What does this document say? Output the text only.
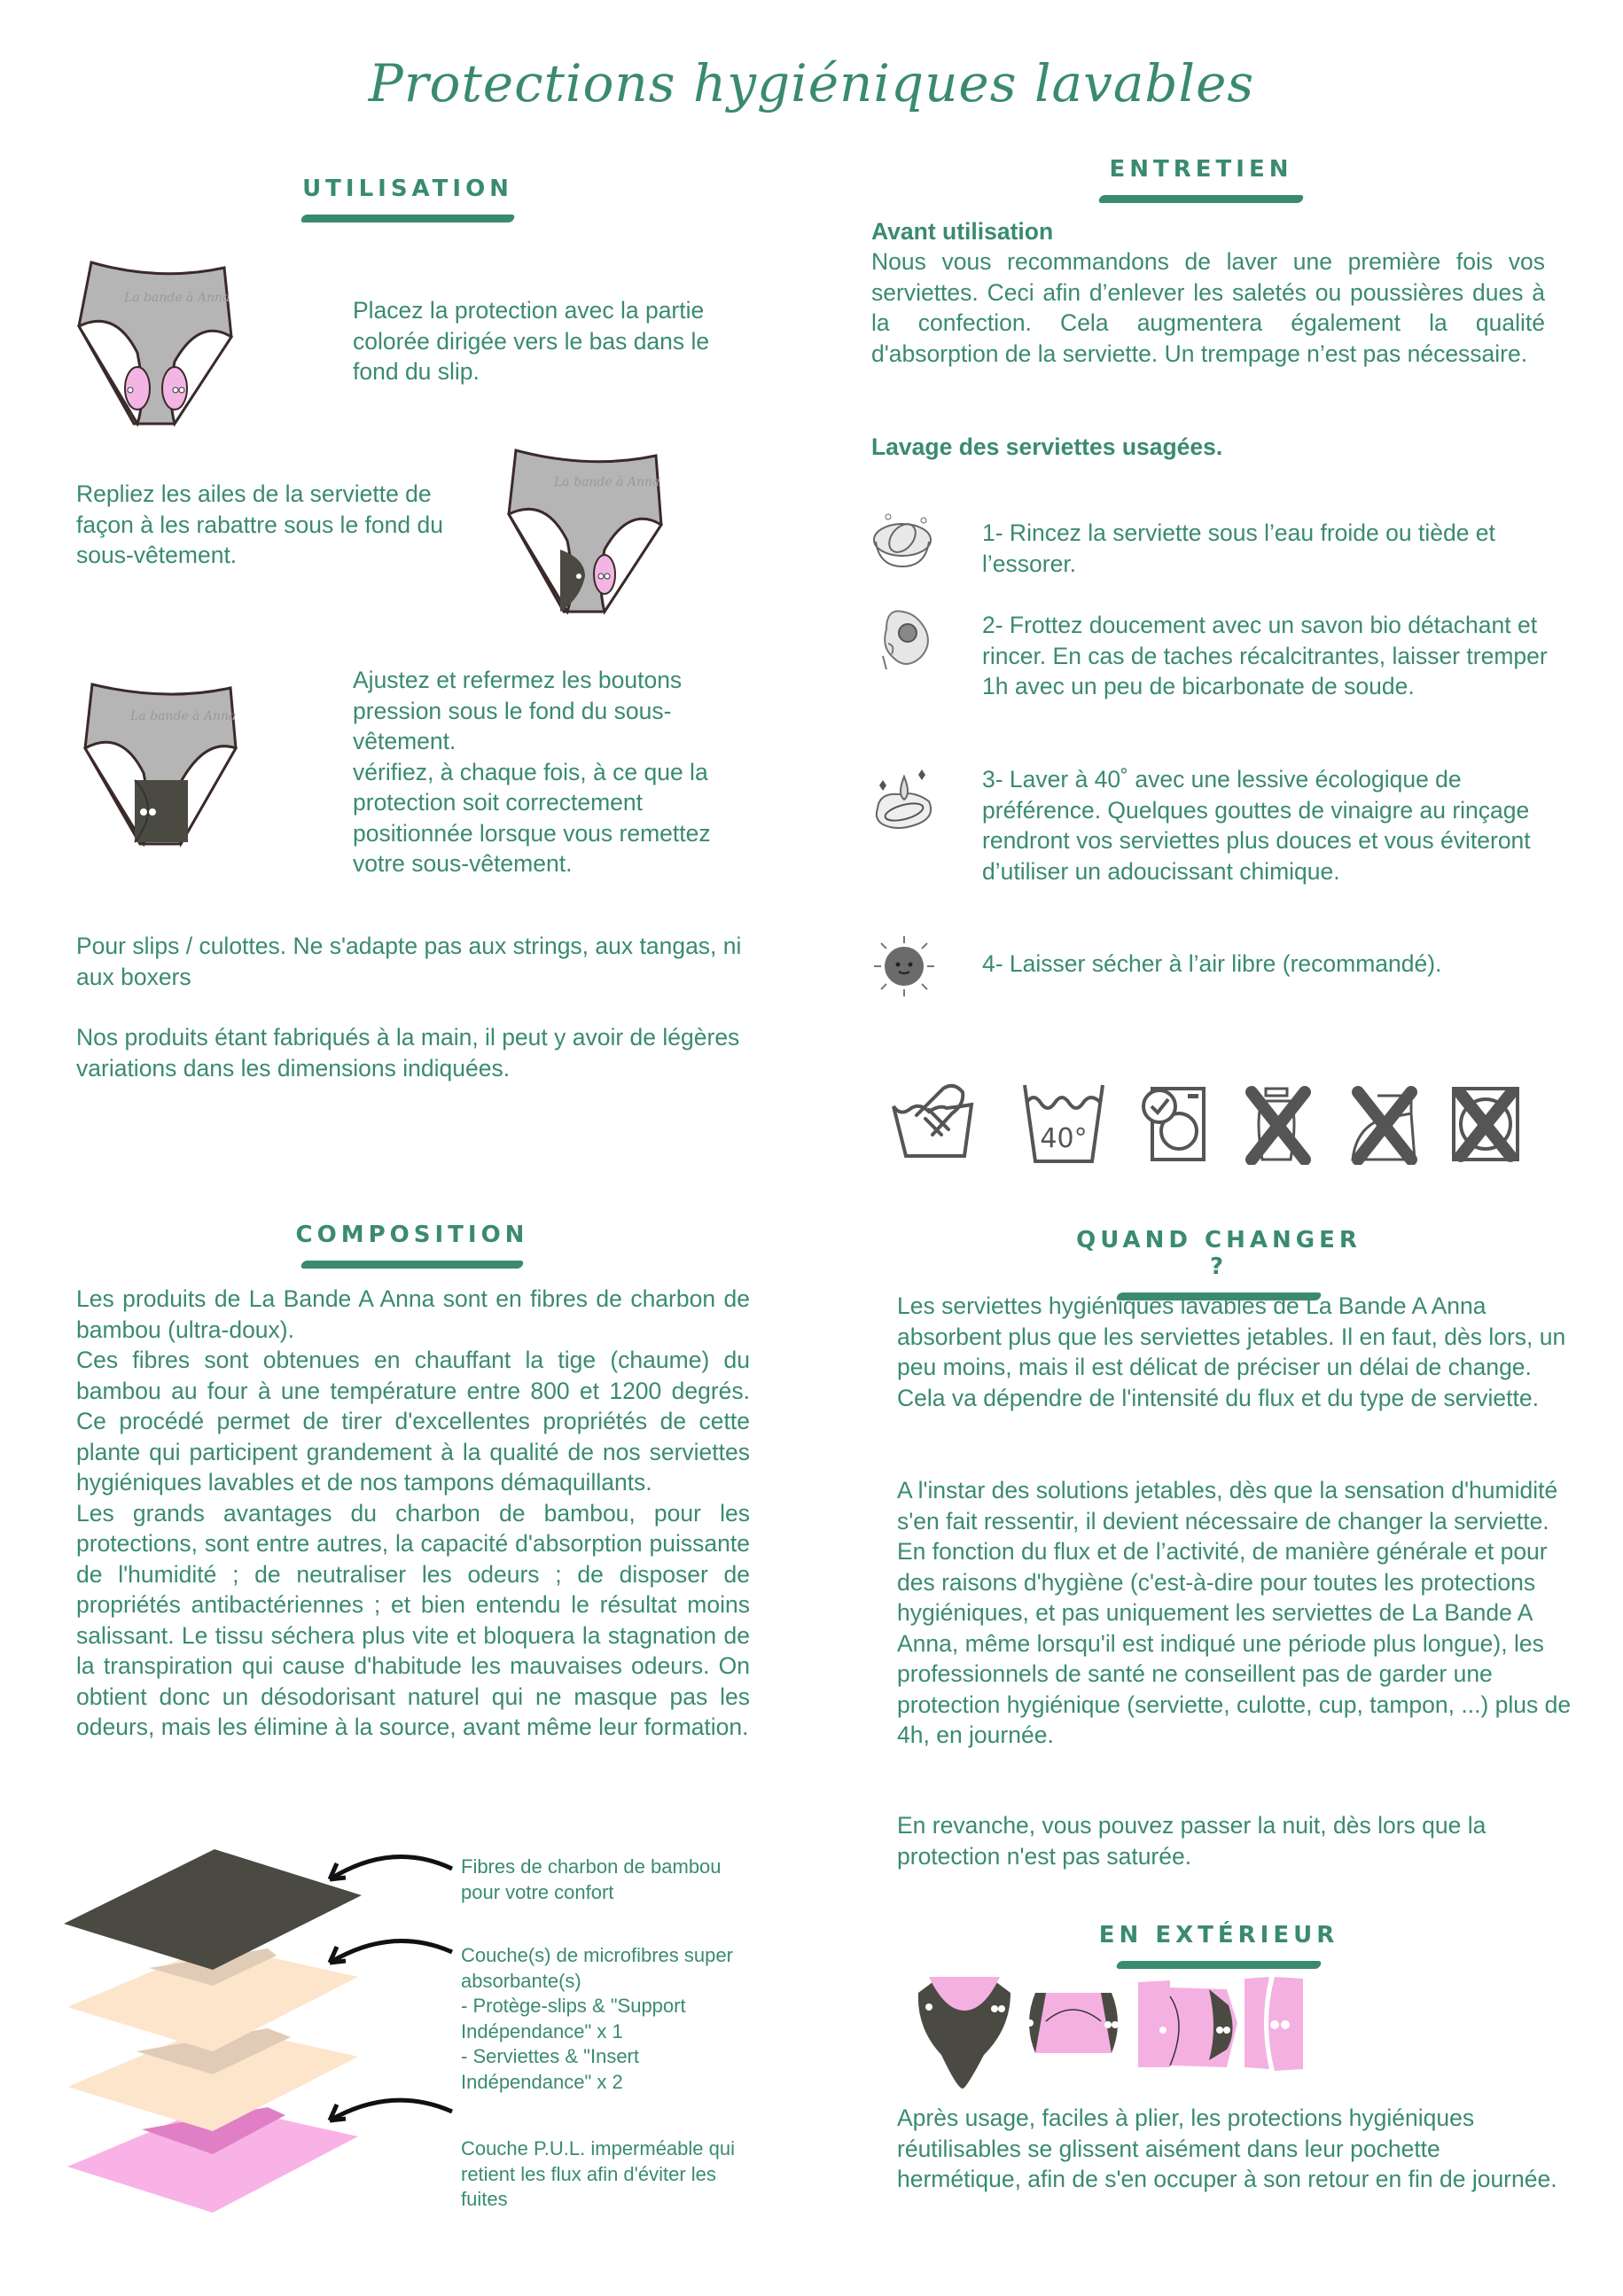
Protections hygiéniques lavables
UTILISATION
La bande à Anna	Placez la protection avec la partie colorée dirigée vers le bas dans le fond du slip.
Repliez les ailes de la serviette de façon à les rabattre sous le fond du sous-vêtement.
La bande à Anna
La bande à Anna
Ajustez et refermez les boutons pression sous le fond du sous-vêtement.
vérifiez, à chaque fois, à ce que la protection soit correctement positionnée lorsque vous remettez votre sous-vêtement.
Pour slips / culottes. Ne s'adapte pas aux strings, aux tangas, ni aux boxers
Nos produits étant fabriqués à la main, il peut y avoir de légères variations dans les dimensions indiquées.
ENTRETIEN
Avant utilisation
Nous vous recommandons de laver une première fois vos serviettes. Ceci afin d’enlever les saletés ou poussières dues à la confection. Cela augmentera également la qualité d'absorption de la serviette. Un trempage n’est pas nécessaire.
Lavage des serviettes usagées.
1- Rincez la serviette sous l’eau froide ou tiède et l’essorer.
2- Frottez doucement avec un savon bio détachant et rincer. En cas de taches récalcitrantes, laisser tremper 1h avec un peu de bicarbonate de soude.
3- Laver à 40˚ avec une lessive écologique de préférence. Quelques gouttes de vinaigre au rinçage rendront vos serviettes plus douces et vous éviteront d’utiliser un adoucissant chimique.
4- Laisser sécher à l’air libre (recommandé).
40°
COMPOSITION
Les produits de La Bande A Anna sont en fibres de charbon de bambou (ultra-doux).
Ces fibres sont obtenues en chauffant la tige (chaume) du bambou au four à une température entre 800 et 1200 degrés. Ce procédé permet de tirer d'excellentes propriétés de cette plante qui participent grandement à la qualité de nos serviettes hygiéniques lavables et de nos tampons démaquillants.
Les grands avantages du charbon de bambou, pour les protections, sont entre autres, la capacité d'absorption puissante de l'humidité ; de neutraliser les odeurs ; de disposer de propriétés antibactériennes ; et bien entendu le résultat moins salissant. Le tissu séchera plus vite et bloquera la stagnation de la transpiration qui cause d'habitude les mauvaises odeurs. On obtient donc un désodorisant naturel qui ne masque pas les odeurs, mais les élimine à la source, avant même leur formation.
Fibres de charbon de bambou pour votre confort
Couche(s) de microfibres super absorbante(s)
- Protège-slips & "Support Indépendance" x 1
- Serviettes & "Insert Indépendance" x 2
Couche P.U.L. imperméable qui retient les flux afin d'éviter les fuites
QUAND CHANGER ?
Les serviettes hygiéniques lavables de La Bande A Anna absorbent plus que les serviettes jetables. Il en faut, dès lors, un peu moins, mais il est délicat de préciser un délai de change. Cela va dépendre de l'intensité du flux et du type de serviette.
A l'instar des solutions jetables, dès que la sensation d'humidité s'en fait ressentir, il devient nécessaire de changer la serviette.
En fonction du flux et de l’activité, de manière générale et pour des raisons d'hygiène (c'est-à-dire pour toutes les protections hygiéniques, et pas uniquement les serviettes de La Bande A Anna, même lorsqu'il est indiqué une période plus longue), les professionnels de santé ne conseillent pas de garder une protection hygiénique (serviette, culotte, cup, tampon, ...) plus de 4h, en journée.
En revanche, vous pouvez passer la nuit, dès lors que la protection n'est pas saturée.
EN EXTÉRIEUR
Après usage, faciles à plier, les protections hygiéniques réutilisables se glissent aisément dans leur pochette hermétique, afin de s'en occuper à son retour en fin de journée.
